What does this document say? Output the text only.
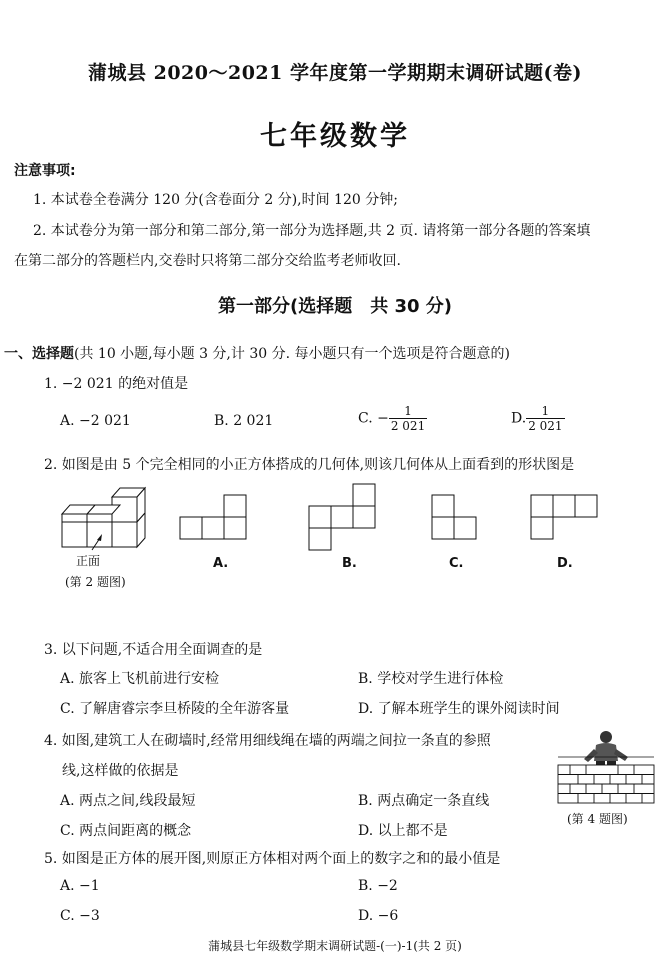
蒲城县 2020～2021 学年度第一学期期末调研试题(卷)
七年级数学
注意事项:
1. 本试卷全卷满分 120 分(含卷面分 2 分),时间 120 分钟;
2. 本试卷分为第一部分和第二部分,第一部分为选择题,共 2 页. 请将第一部分各题的答案填
在第二部分的答题栏内,交卷时只将第二部分交给监考老师收回.
第一部分(选择题　共 30 分)
一、选择题(共 10 小题,每小题 3 分,计 30 分. 每小题只有一个选项是符合题意的)
1. −2 021 的绝对值是
A. −2 021	B. 2 021	C. − $\frac{1}{2 021}$	D. $\frac{1}{2 021}$
2. 如图是由 5 个完全相同的小正方体搭成的几何体,则该几何体从上面看到的形状图是
正面
(第 2 题图)
A.	B.	C.	D.
3. 以下问题,不适合用全面调查的是
A. 旅客上飞机前进行安检	B. 学校对学生进行体检
C. 了解唐睿宗李旦桥陵的全年游客量	D. 了解本班学生的课外阅读时间
4. 如图,建筑工人在砌墙时,经常用细线绳在墙的两端之间拉一条直的参照
线,这样做的依据是
A. 两点之间,线段最短	B. 两点确定一条直线
C. 两点间距离的概念	D. 以上都不是
(第 4 题图)
5. 如图是正方体的展开图,则原正方体相对两个面上的数字之和的最小值是
A. −1	B. −2
C. −3	D. −6
蒲城县七年级数学期末调研试题-(一)-1(共 2 页)
